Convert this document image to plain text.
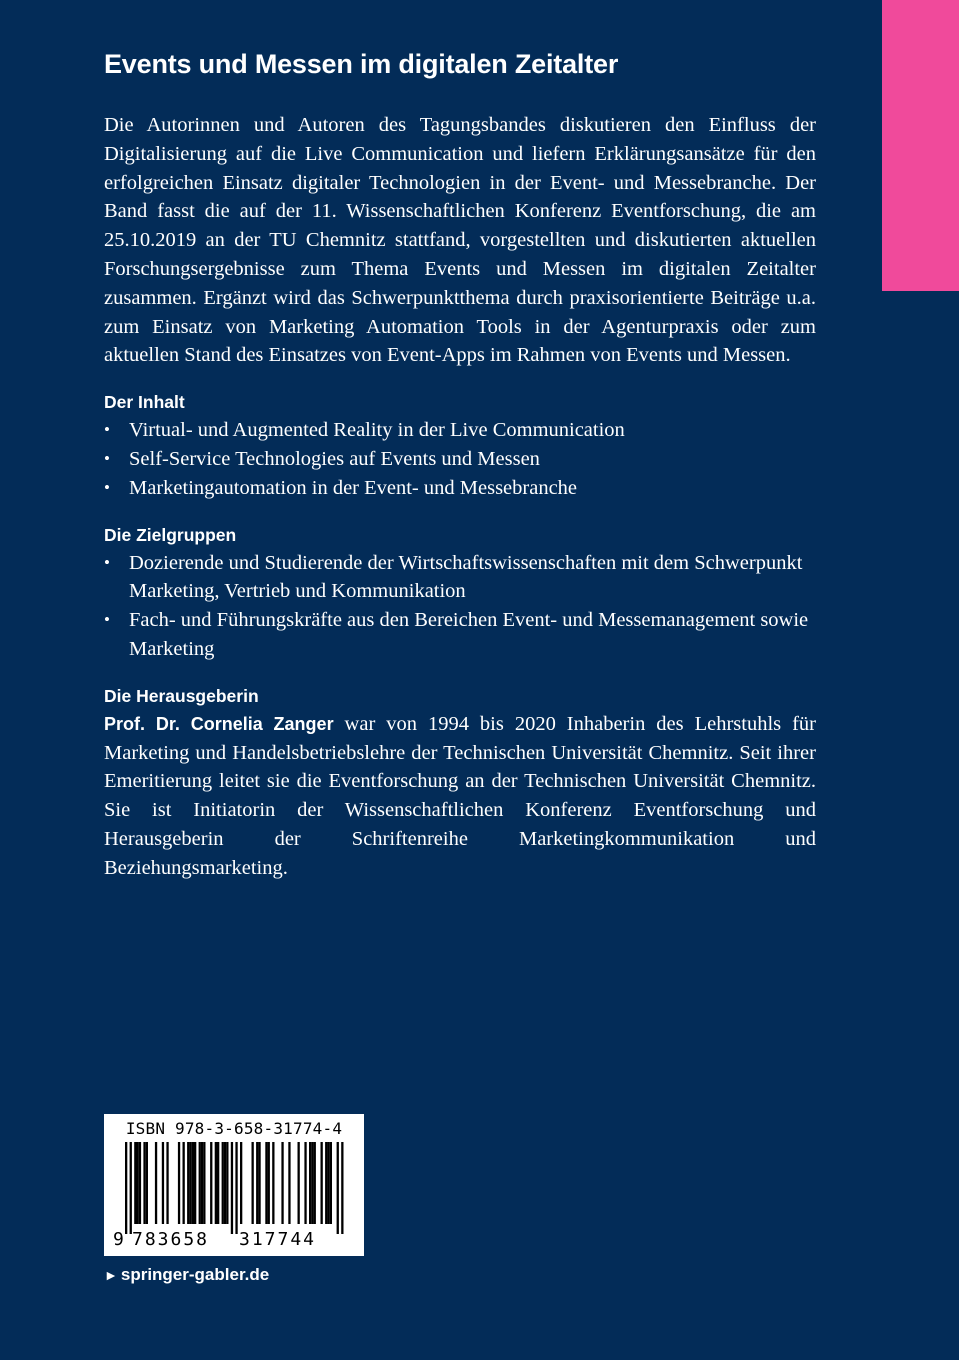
Events und Messen im digitalen Zeitalter

Die Autorinnen und Autoren des Tagungsbandes diskutieren den Einfluss der Digitalisierung auf die Live Communication und liefern Erklärungsansätze für den erfolgreichen Einsatz digitaler Technologien in der Event- und Messebranche. Der Band fasst die auf der 11. Wissenschaftlichen Konferenz Eventforschung, die am 25.10.2019 an der TU Chemnitz stattfand, vorgestellten und diskutierten aktuellen Forschungsergebnisse zum Thema Events und Messen im digitalen Zeitalter zusammen. Ergänzt wird das Schwerpunktthema durch praxisorientierte Beiträge u.a. zum Einsatz von Marketing Automation Tools in der Agenturpraxis oder zum aktuellen Stand des Einsatzes von Event-Apps im Rahmen von Events und Messen.

Der Inhalt
• Virtual- und Augmented Reality in der Live Communication
• Self-Service Technologies auf Events und Messen
• Marketingautomation in der Event- und Messebranche
Die Zielgruppen
• Dozierende und Studierende der Wirtschaftswissenschaften mit dem Schwerpunkt Marketing, Vertrieb und Kommunikation
• Fach- und Führungskräfte aus den Bereichen Event- und Messemanagement sowie Marketing
Die Herausgeberin

Prof. Dr. Cornelia Zanger war von 1994 bis 2020 Inhaberin des Lehrstuhls für Marketing und Handelsbetriebslehre der Technischen Universität Chemnitz. Seit ihrer Emeritierung leitet sie die Eventforschung an der Technischen Universität Chemnitz. Sie ist Initiatorin der Wissenschaftlichen Konferenz Eventforschung und Herausgeberin der Schriftenreihe Marketingkommunikation und Beziehungsmarketing.

ISBN 978-3-658-31774-4
9 783658 317744
► springer-gabler.de
